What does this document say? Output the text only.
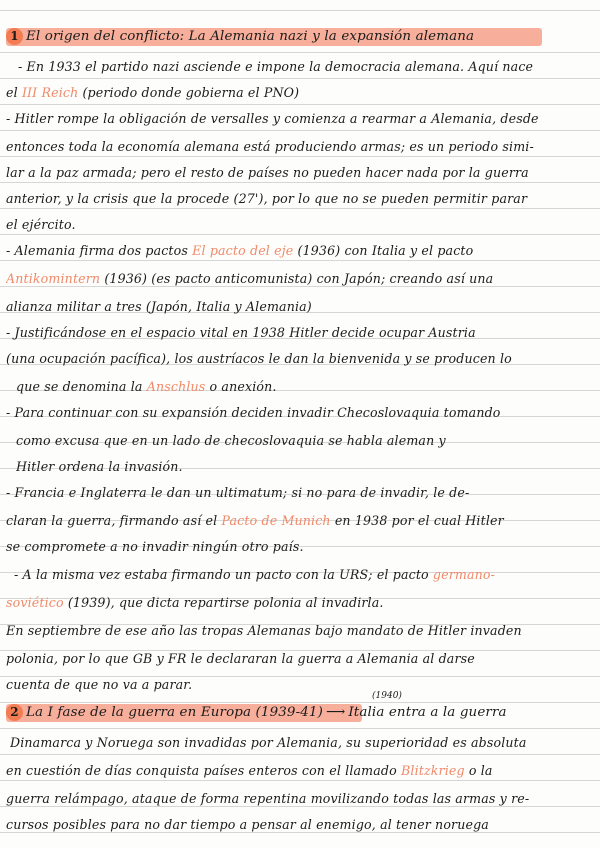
1 El origen del conflicto: La Alemania nazi y la expansión alemana
- En 1933 el partido nazi asciende e impone la democracia alemana. Aquí nace
el III Reich (periodo donde gobierna el PNO)
- Hitler rompe la obligación de versalles y comienza a rearmar a Alemania, desde
entonces toda la economía alemana está produciendo armas; es un periodo simi-
lar a la paz armada; pero el resto de países no pueden hacer nada por la guerra
anterior, y la crisis que la procede (27'), por lo que no se pueden permitir parar
el ejército.
- Alemania firma dos pactos El pacto del eje (1936) con Italia y el pacto
Antikomintern (1936) (es pacto anticomunista) con Japón; creando así una
alianza militar a tres (Japón, Italia y Alemania)
- Justificándose en el espacio vital en 1938 Hitler decide ocupar Austria
(una ocupación pacífica), los austríacos le dan la bienvenida y se producen lo
que se denomina la Anschlus o anexión.
- Para continuar con su expansión deciden invadir Checoslovaquia tomando
como excusa que en un lado de checoslovaquia se habla aleman y
Hitler ordena la invasión.
- Francia e Inglaterra le dan un ultimatum; si no para de invadir, le de-
claran la guerra, firmando así el Pacto de Munich en 1938 por el cual Hitler
se compromete a no invadir ningún otro país.
- A la misma vez estaba firmando un pacto con la URS; el pacto germano-
soviético (1939), que dicta repartirse polonia al invadirla.
En septiembre de ese año las tropas Alemanas bajo mandato de Hitler invaden
polonia, por lo que GB y FR le declararan la guerra a Alemania al darse
cuenta de que no va a parar.
(1940)
2 La I fase de la guerra en Europa (1939-41) ⟶ Italia entra a la guerra
Dinamarca y Noruega son invadidas por Alemania, su superioridad es absoluta
en cuestión de días conquista países enteros con el llamado Blitzkrieg o la
guerra relámpago, ataque de forma repentina movilizando todas las armas y re-
cursos posibles para no dar tiempo a pensar al enemigo, al tener noruega
